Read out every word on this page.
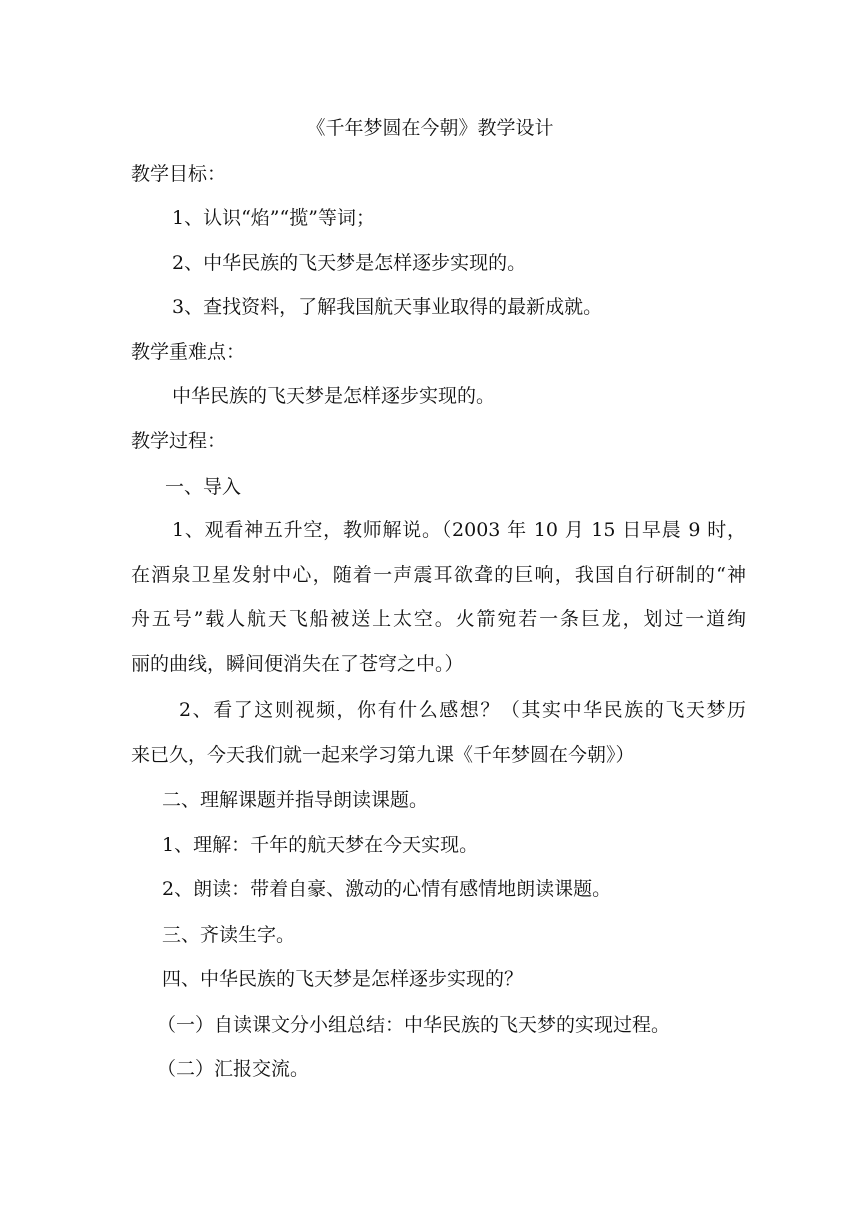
《千年梦圆在今朝》教学设计
教学目标：
1、认识“焰”“揽”等词；
2、中华民族的飞天梦是怎样逐步实现的。
3、查找资料，了解我国航天事业取得的最新成就。
教学重难点：
中华民族的飞天梦是怎样逐步实现的。
教学过程：
一、导入
1、观看神五升空，教师解说。（2003 年 10 月 15 日早晨 9 时，
在酒泉卫星发射中心，随着一声震耳欲聋的巨响，我国自行研制的“神
舟五号”载人航天飞船被送上太空。火箭宛若一条巨龙，划过一道绚
丽的曲线，瞬间便消失在了苍穹之中。）
2、看了这则视频，你有什么感想？（其实中华民族的飞天梦历
来已久，今天我们就一起来学习第九课《千年梦圆在今朝》）
二、理解课题并指导朗读课题。
1、理解：千年的航天梦在今天实现。
2、朗读：带着自豪、激动的心情有感情地朗读课题。
三、齐读生字。
四、中华民族的飞天梦是怎样逐步实现的？
（一）自读课文分小组总结：中华民族的飞天梦的实现过程。
（二）汇报交流。
